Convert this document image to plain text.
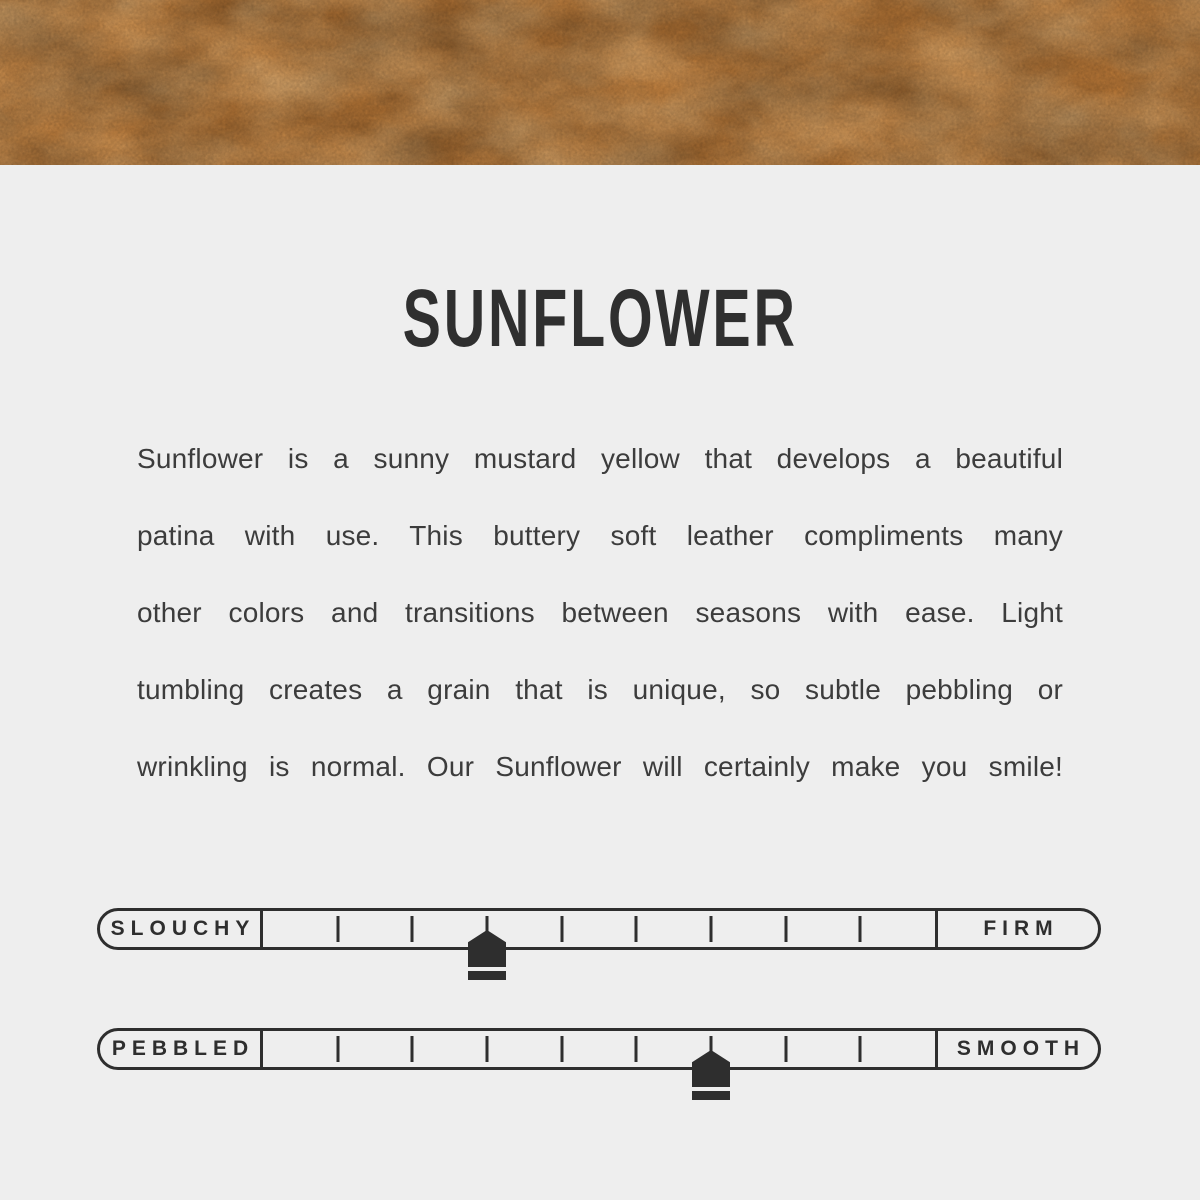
SUNFLOWER

Sunflower is a sunny mustard yellow that develops a beautiful

patina with use. This buttery soft leather compliments many

other colors and transitions between seasons with ease. Light

tumbling creates a grain that is unique, so subtle pebbling or

wrinkling is normal. Our Sunflower will certainly make you smile!

SLOUCHY	FIRM
PEBBLED	SMOOTH
